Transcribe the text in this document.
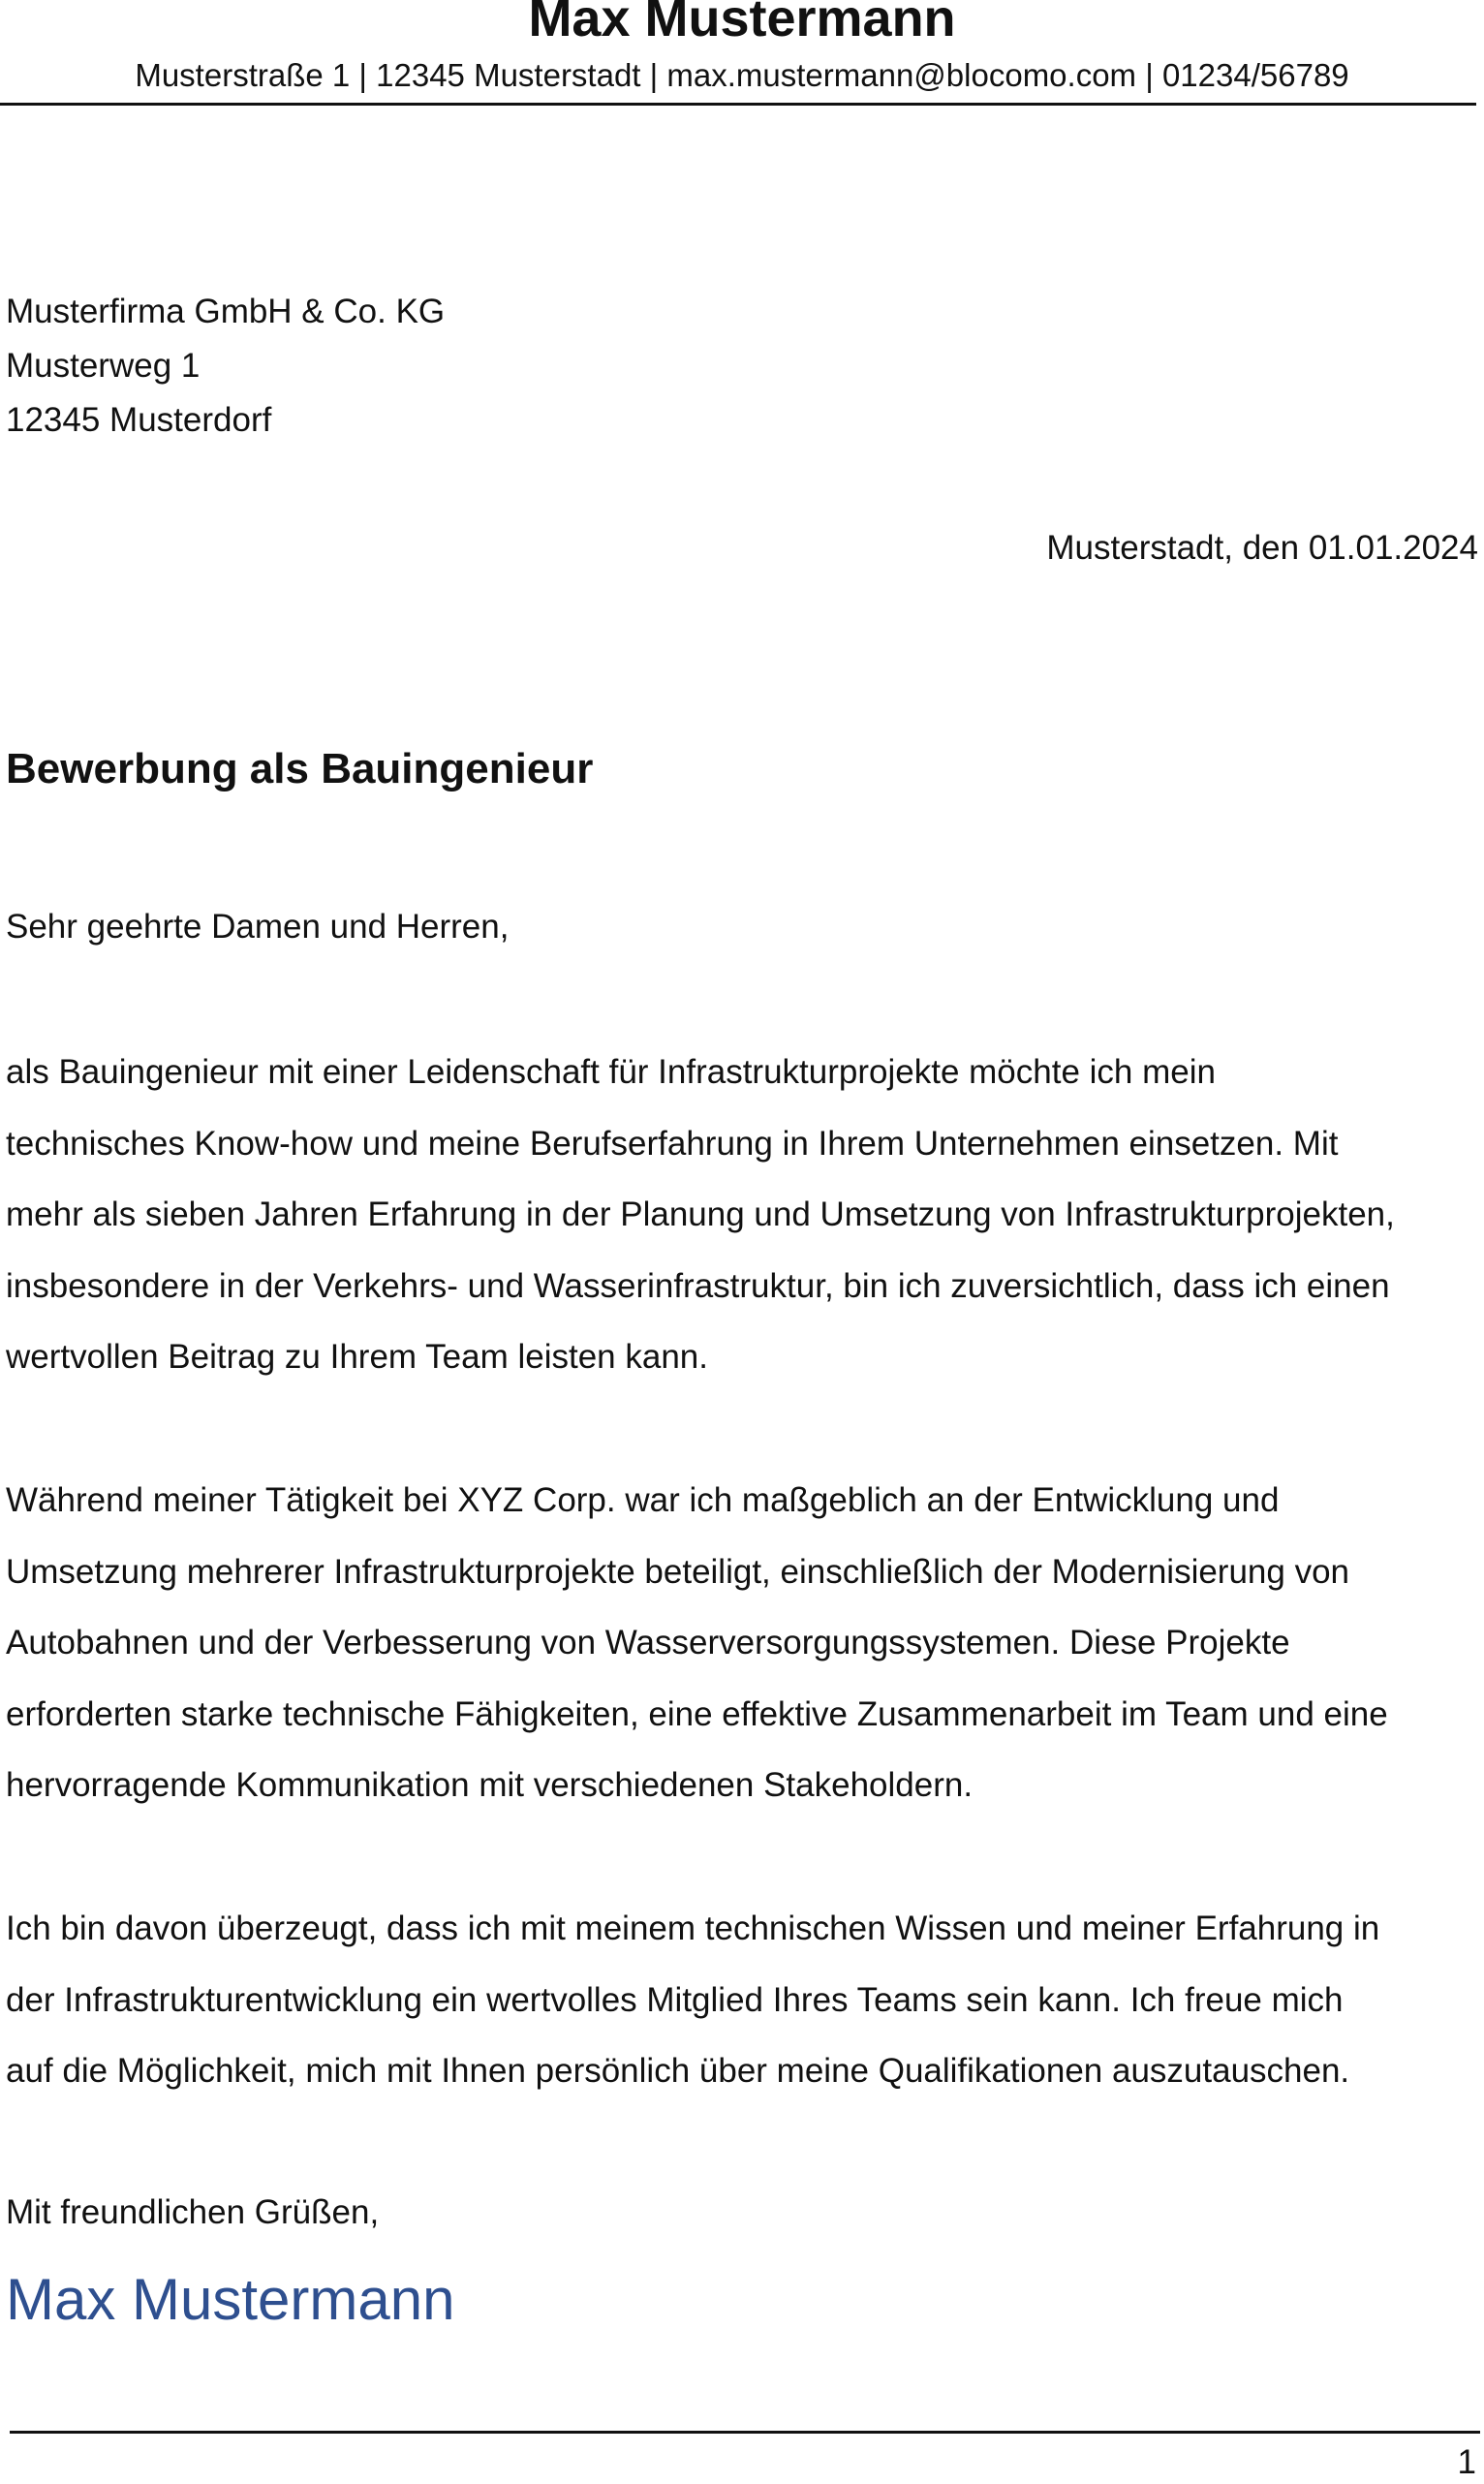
Max Mustermann
Musterstraße 1 | 12345 Musterstadt | max.mustermann@blocomo.com | 01234/56789
Musterfirma GmbH & Co. KG
Musterweg 1
12345 Musterdorf
Musterstadt, den 01.01.2024
Bewerbung als Bauingenieur
Sehr geehrte Damen und Herren,
als Bauingenieur mit einer Leidenschaft für Infrastrukturprojekte möchte ich mein
technisches Know-how und meine Berufserfahrung in Ihrem Unternehmen einsetzen. Mit
mehr als sieben Jahren Erfahrung in der Planung und Umsetzung von Infrastrukturprojekten,
insbesondere in der Verkehrs- und Wasserinfrastruktur, bin ich zuversichtlich, dass ich einen
wertvollen Beitrag zu Ihrem Team leisten kann.
Während meiner Tätigkeit bei XYZ Corp. war ich maßgeblich an der Entwicklung und
Umsetzung mehrerer Infrastrukturprojekte beteiligt, einschließlich der Modernisierung von
Autobahnen und der Verbesserung von Wasserversorgungssystemen. Diese Projekte
erforderten starke technische Fähigkeiten, eine effektive Zusammenarbeit im Team und eine
hervorragende Kommunikation mit verschiedenen Stakeholdern.
Ich bin davon überzeugt, dass ich mit meinem technischen Wissen und meiner Erfahrung in
der Infrastrukturentwicklung ein wertvolles Mitglied Ihres Teams sein kann. Ich freue mich
auf die Möglichkeit, mich mit Ihnen persönlich über meine Qualifikationen auszutauschen.
Mit freundlichen Grüßen,
Max Mustermann
1
